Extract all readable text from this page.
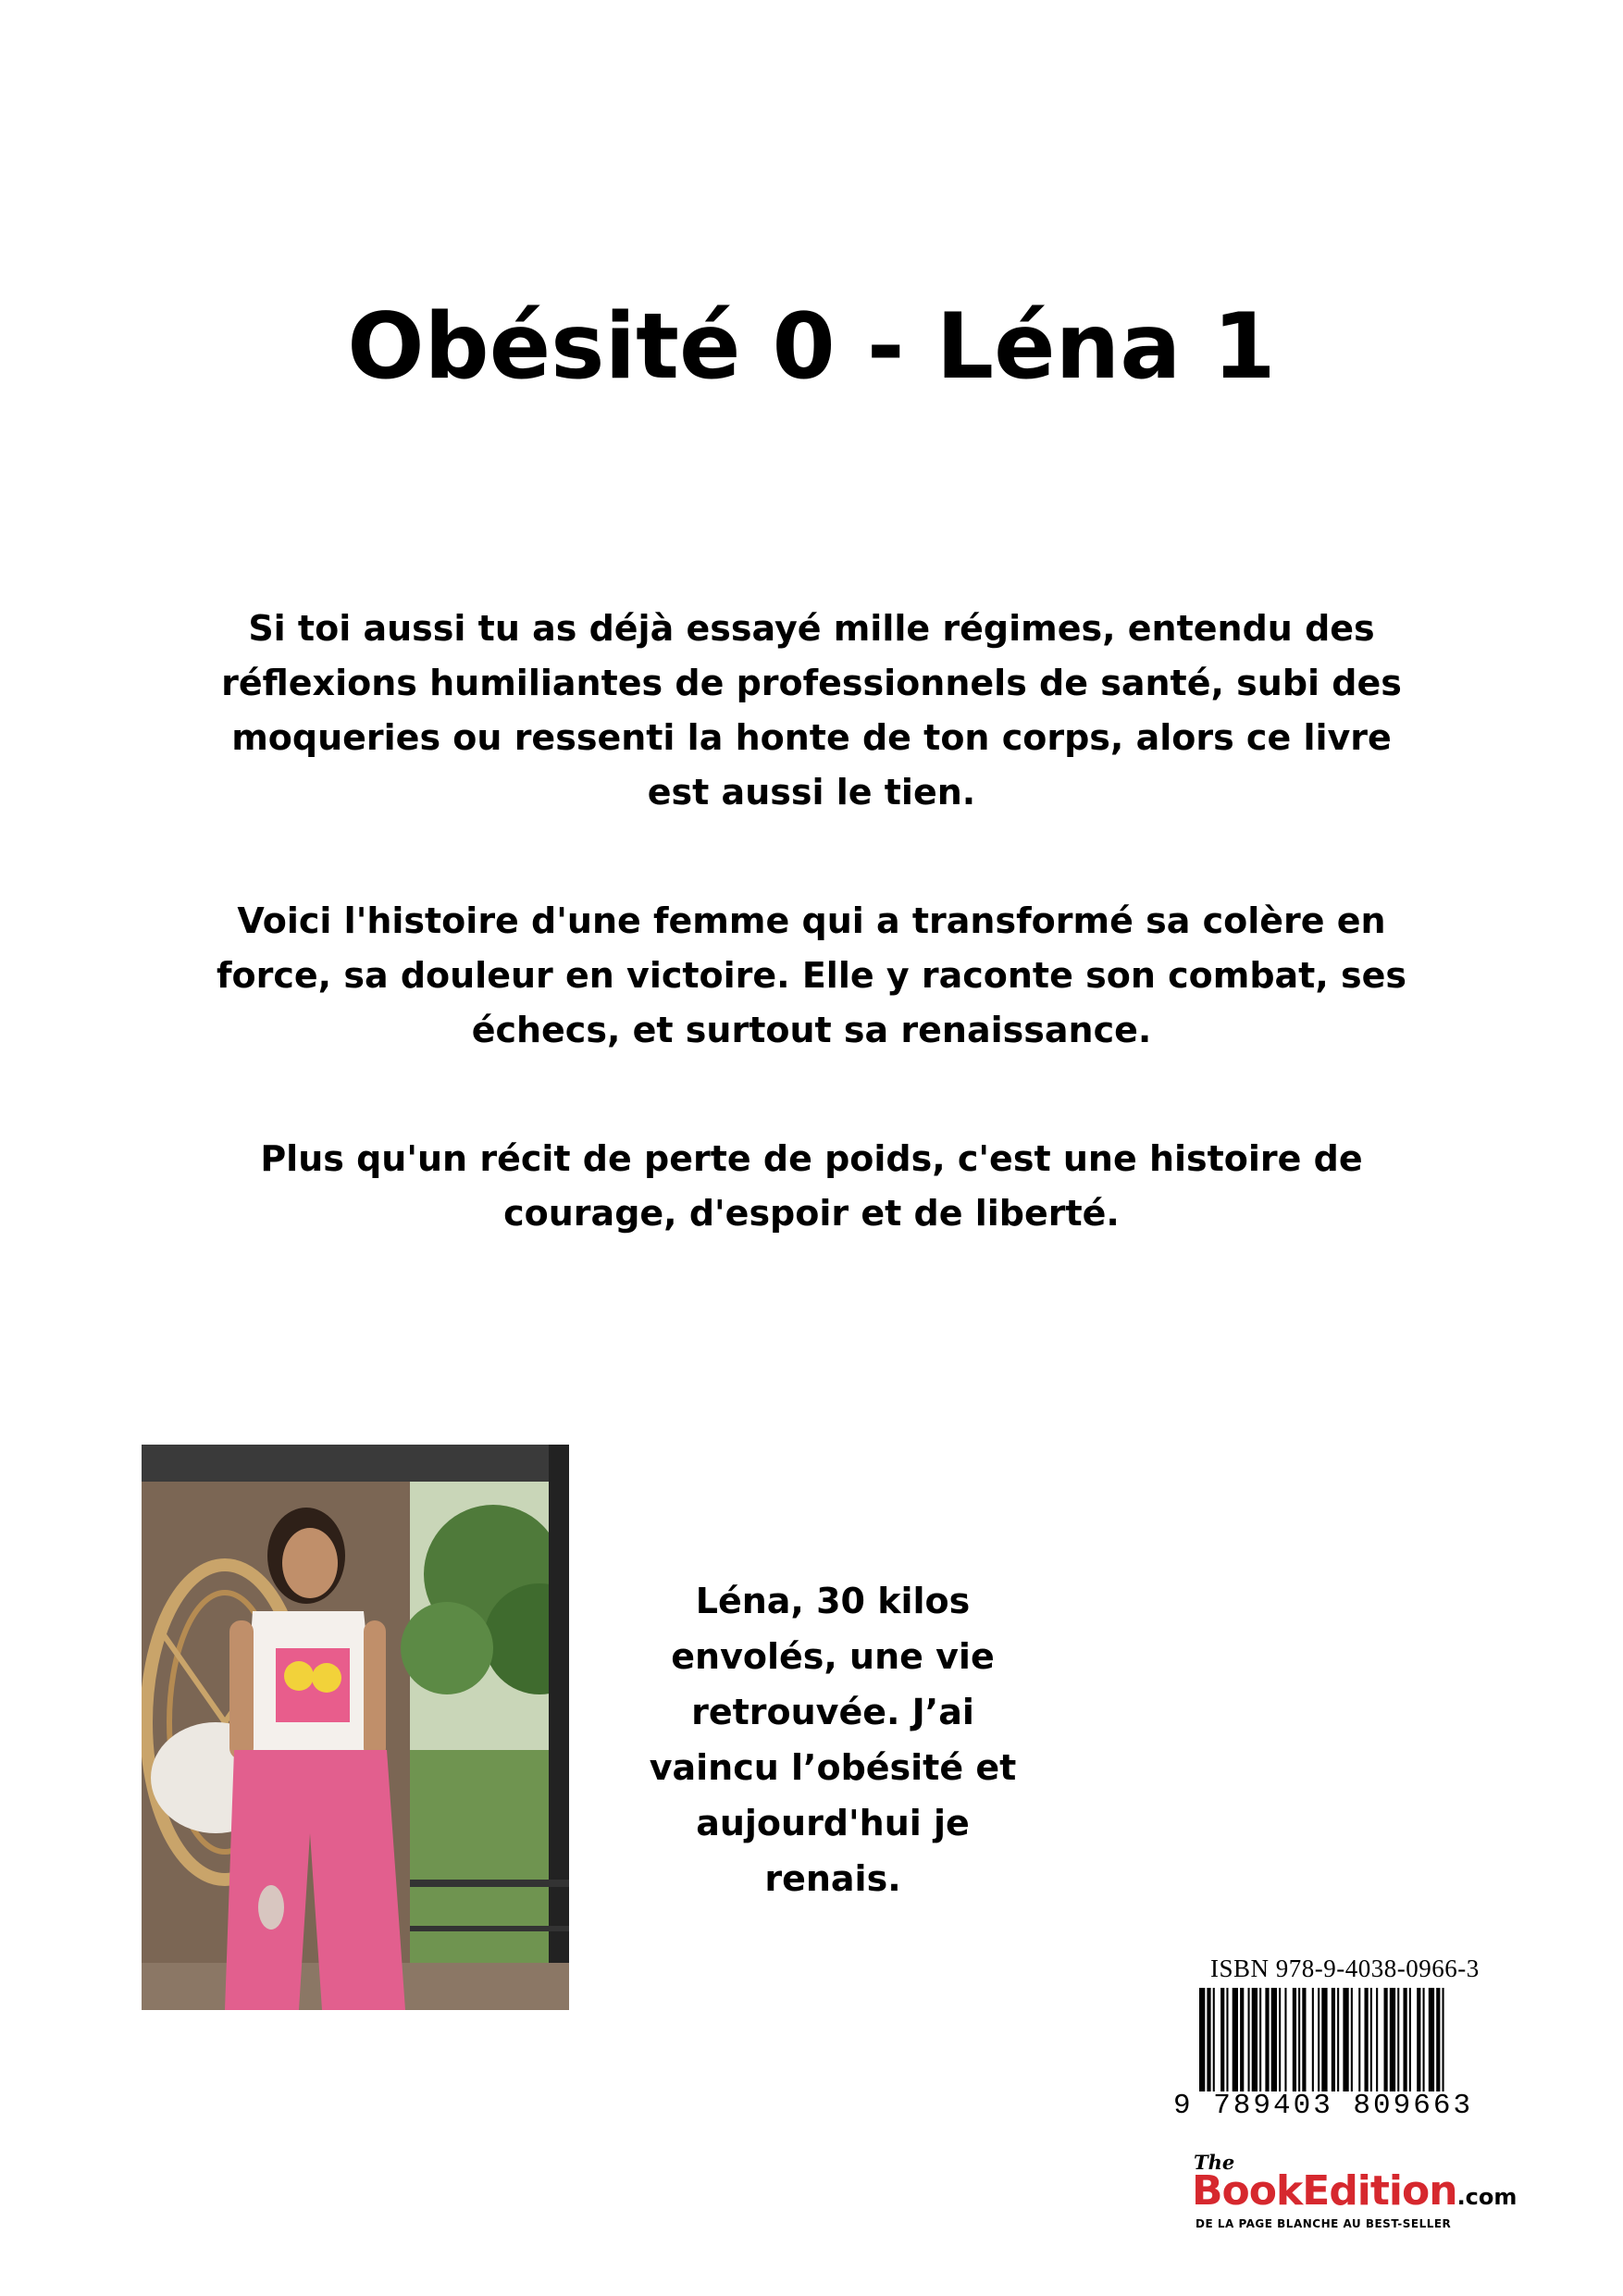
Obésité 0 - Léna 1

Si toi aussi tu as déjà essayé mille régimes, entendu des réflexions humiliantes de professionnels de santé, subi des moqueries ou ressenti la honte de ton corps, alors ce livre est aussi le tien.

Voici l'histoire d'une femme qui a transformé sa colère en force, sa douleur en victoire. Elle y raconte son combat, ses échecs, et surtout sa renaissance.

Plus qu'un récit de perte de poids, c'est une histoire de courage, d'espoir et de liberté.

Léna, 30 kilos envolés, une vie retrouvée. J’ai vaincu l’obésité et aujourd'hui je renais.

ISBN 978-9-4038-0966-3
9 789403 809663
The
BookEdition.com
DE LA PAGE BLANCHE AU BEST-SELLER
